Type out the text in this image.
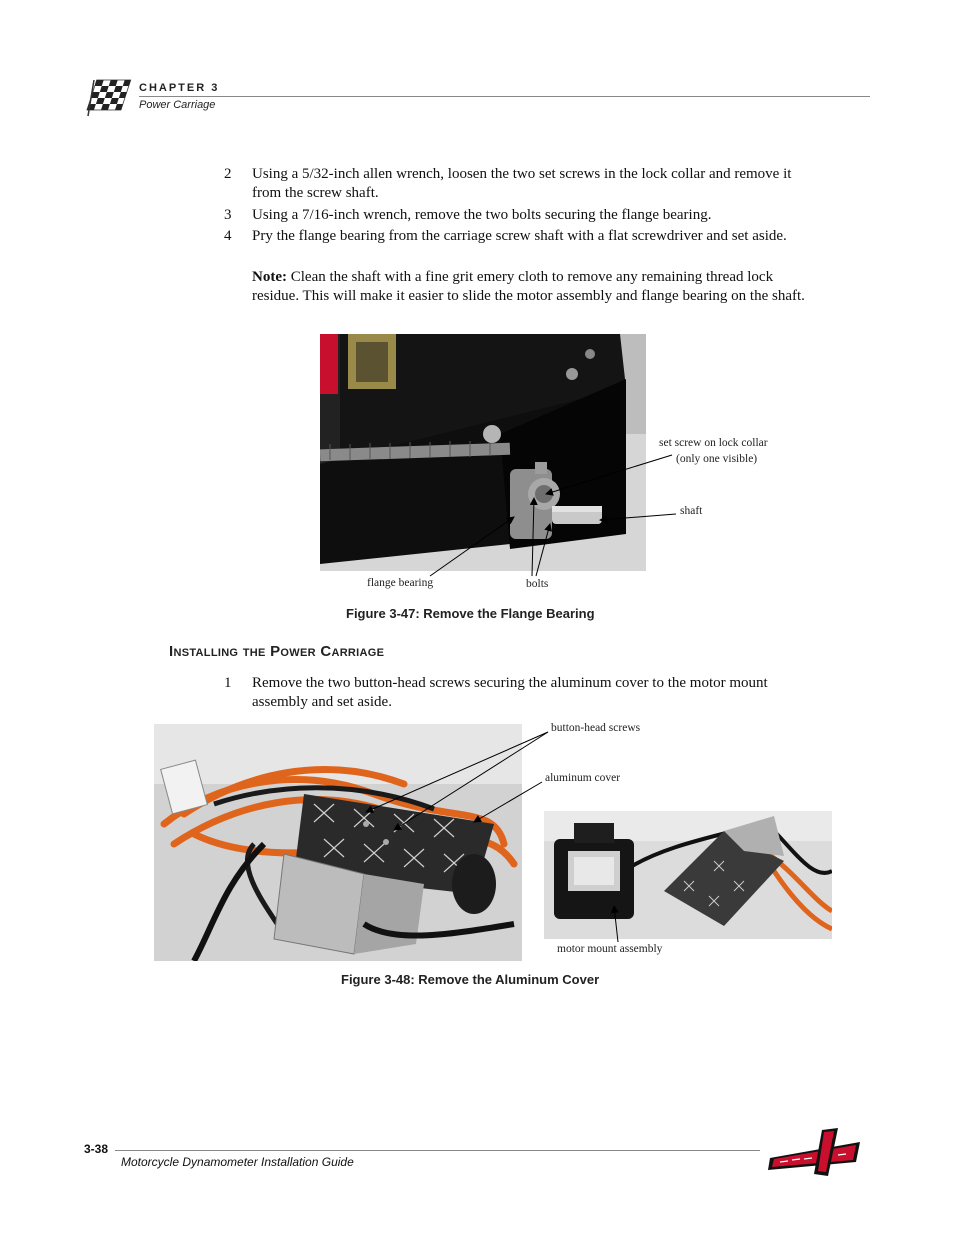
CHAPTER 3
Power Carriage
2	Using a 5/32-inch allen wrench, loosen the two set screws in the lock collar and remove it from the screw shaft.
3	Using a 7/16-inch wrench, remove the two bolts securing the flange bearing.
4	Pry the flange bearing from the carriage screw shaft with a flat screwdriver and set aside.
Note: Clean the shaft with a fine grit emery cloth to remove any remaining thread lock residue. This will make it easier to slide the motor assembly and flange bearing on the shaft.
set screw on lock collar
(only one visible)
shaft
flange bearing	bolts
Figure 3-47: Remove the Flange Bearing
Installing the Power Carriage
1	Remove the two button-head screws securing the aluminum cover to the motor mount assembly and set aside.
button-head screws
aluminum cover
motor mount assembly
Figure 3-48: Remove the Aluminum Cover
3-38
Motorcycle Dynamometer Installation Guide
